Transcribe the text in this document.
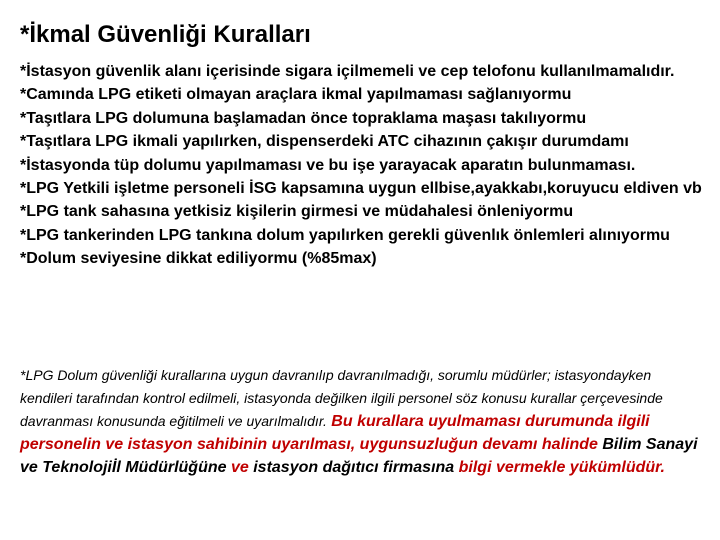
*İkmal Güvenliği Kuralları
*İstasyon güvenlik alanı içerisinde sigara içilmemeli ve cep telofonu kullanılmamalıdır.
*Camında LPG etiketi olmayan araçlara ikmal yapılmaması sağlanıyormu
*Taşıtlara LPG dolumuna başlamadan önce topraklama maşası takılıyormu
*Taşıtlara LPG ikmali yapılırken, dispenserdeki ATC cihazının çakışır durumdamı
*İstasyonda tüp dolumu yapılmaması ve bu işe yarayacak aparatın bulunmaması.
*LPG Yetkili işletme personeli İSG kapsamına uygun ellbise,ayakkabı,koruyucu eldiven vb
*LPG tank sahasına yetkisiz kişilerin girmesi ve müdahalesi önleniyormu
*LPG tankerinden LPG tankına dolum yapılırken gerekli güvenlık önlemleri alınıyormu
*Dolum seviyesine dikkat ediliyormu (%85max)

*LPG Dolum güvenliği kurallarına uygun davranılıp davranılmadığı, sorumlu müdürler; istasyondayken kendileri tarafından kontrol edilmeli, istasyonda değilken ilgili personel söz konusu kurallar çerçevesinde davranması konusunda eğitilmeli ve uyarılmalıdır. Bu kurallara uyulmaması durumunda ilgili personelin ve istasyon sahibinin uyarılması, uygunsuzluğun devamı halinde Bilim Sanayi ve Teknolojiİl Müdürlüğüne ve istasyon dağıtıcı firmasına bilgi vermekle yükümlüdür.
